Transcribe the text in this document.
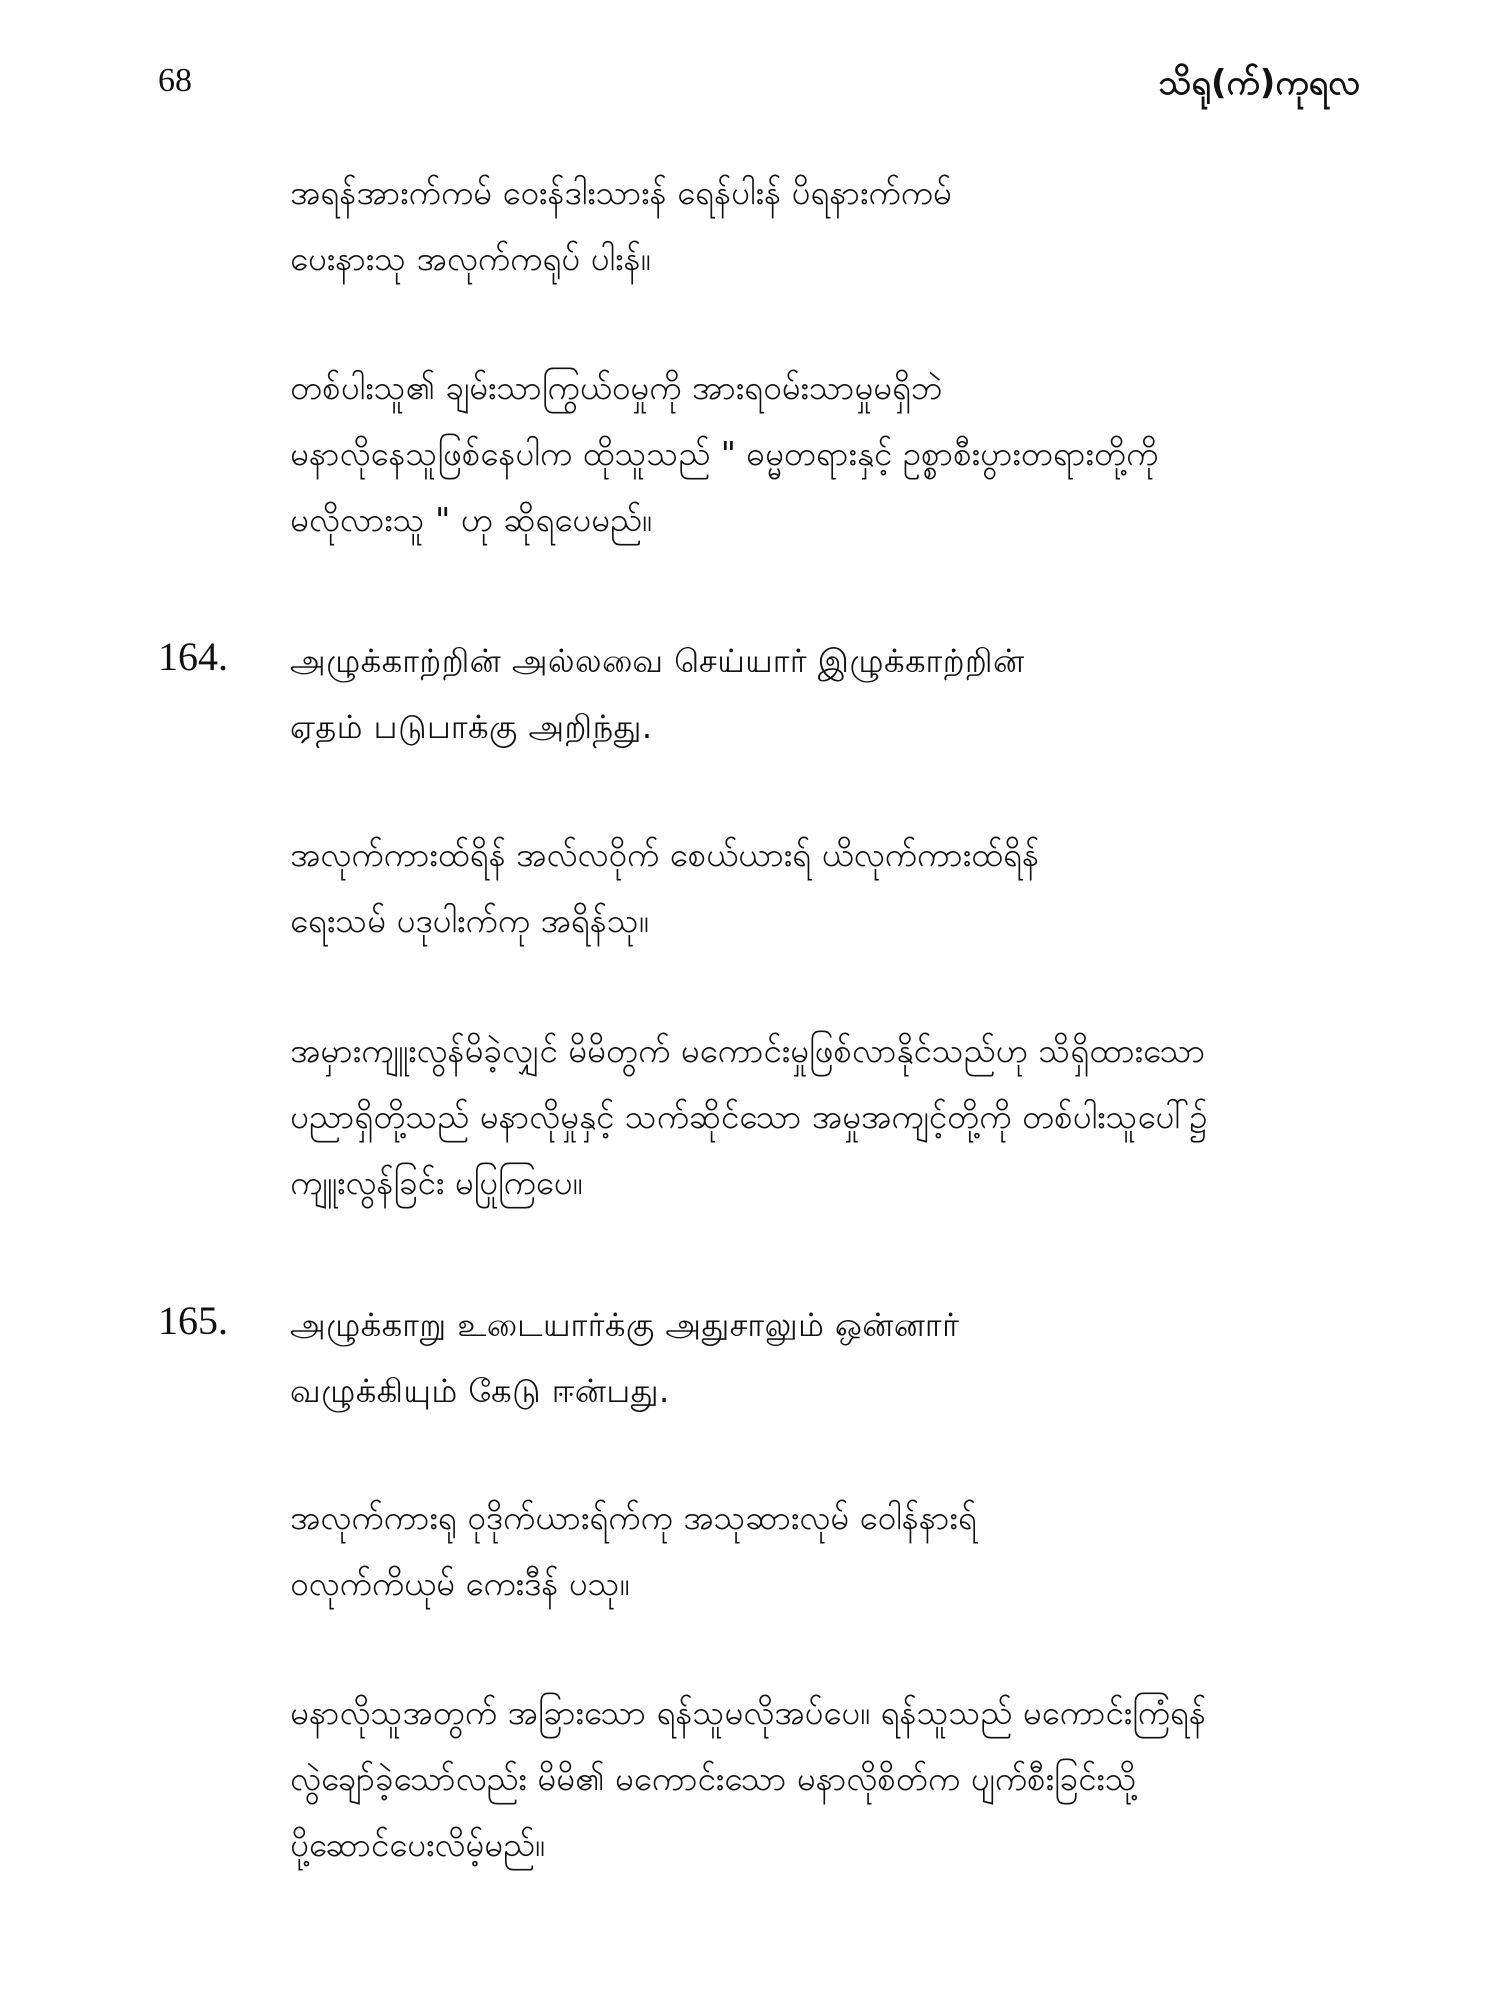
68	သိရု(က်)ကုရလ
အရန်အားက်ကမ် ဝေးန်ဒါးသားန် ရေန်ပါးန် ပိရနားက်ကမ်
ပေးနားသု အလုက်ကရုပ် ပါးန်။
တစ်ပါးသူ၏ ချမ်းသာကြွယ်ဝမှုကို အားရဝမ်းသာမှုမရှိဘဲ
မနာလိုနေသူဖြစ်နေပါက ထိုသူသည် " ဓမ္မတရားနှင့် ဥစ္စာစီးပွားတရားတို့ကို
မလိုလားသူ " ဟု ဆိုရပေမည်။
164. அழுக்காற்றின் அல்லவை செய்யார் இழுக்காற்றின்
ஏதம் படுபாக்கு அறிந்து.
အလုက်ကားထ်ရိန် အလ်လဝိုက် စေယ်ယားရ် ယိလုက်ကားထ်ရိန်
ရေးသမ် ပဒုပါးက်ကု အရိန်သု။
အမှားကျူးလွန်မိခဲ့လျှင် မိမိတွက် မကောင်းမှုဖြစ်လာနိုင်သည်ဟု သိရှိထားသော
ပညာရှိတို့သည် မနာလိုမှုနှင့် သက်ဆိုင်သော အမှုအကျင့်တို့ကို တစ်ပါးသူပေါ်၌
ကျူးလွန်ခြင်း မပြုကြပေ။
165. அழுக்காறு உடையார்க்கு அதுசாலும் ஒன்னார்
வழுக்கியும் கேடு ஈன்பது.
အလုက်ကားရု ဝုဒိုက်ယားရ်က်ကု အသုဆားလုမ် ဝေါန်နားရ်
ဝလုက်ကိယုမ် ကေးဒီန် ပသု။
မနာလိုသူအတွက် အခြားသော ရန်သူမလိုအပ်ပေ။ ရန်သူသည် မကောင်းကြံရန်
လွဲချော်ခဲ့သော်လည်း မိမိ၏ မကောင်းသော မနာလိုစိတ်က ပျက်စီးခြင်းသို့
ပို့ဆောင်ပေးလိမ့်မည်။
